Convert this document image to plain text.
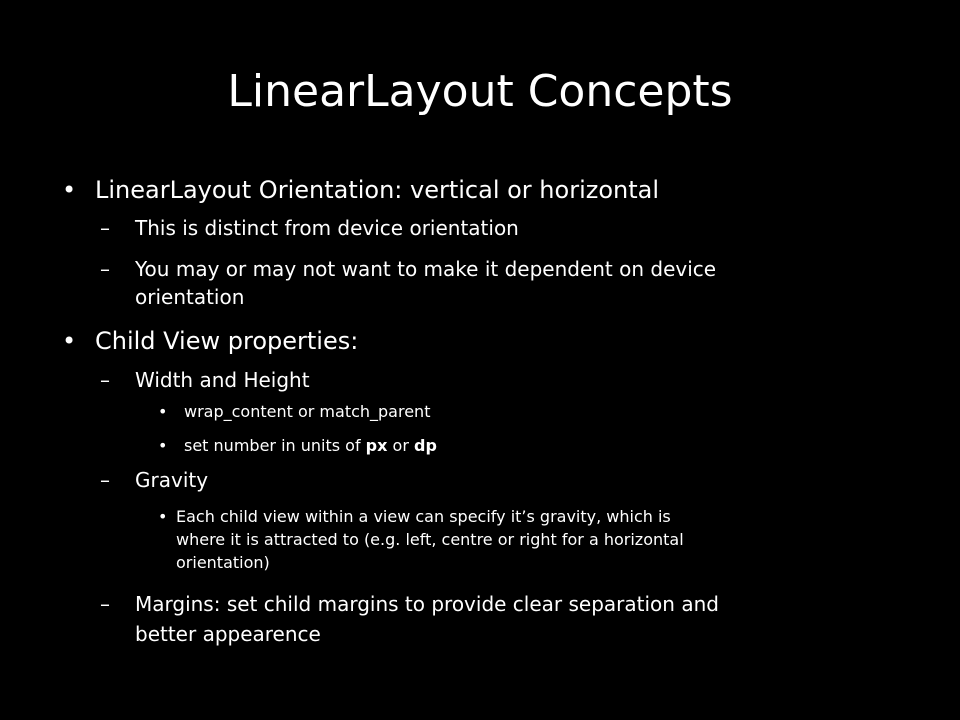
LinearLayout Concepts
• LinearLayout Orientation: vertical or horizontal
– This is distinct from device orientation
– You may or may not want to make it dependent on device
orientation
• Child View properties:
– Width and Height
• wrap_content or match_parent
• set number in units of px or dp
– Gravity
• Each child view within a view can specify it’s gravity, which is
where it is attracted to (e.g. left, centre or right for a horizontal
orientation)
– Margins: set child margins to provide clear separation and
better appearence
